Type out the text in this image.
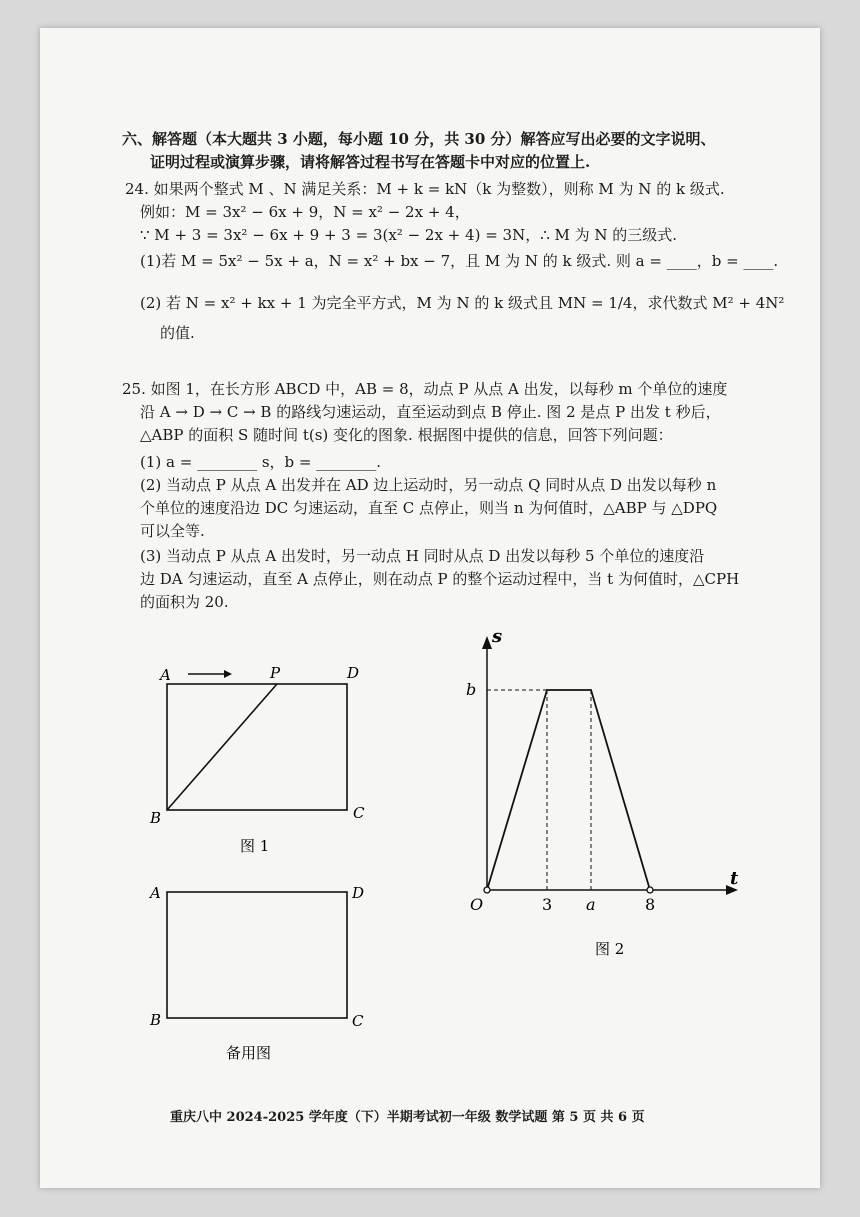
六、解答题（本大题共 3 小题，每小题 10 分，共 30 分）解答应写出必要的文字说明、
证明过程或演算步骤，请将解答过程书写在答题卡中对应的位置上.
24. 如果两个整式 M 、N 满足关系：M + k = kN（k 为整数），则称 M 为 N 的 k 级式.
例如：M = 3x² − 6x + 9，N = x² − 2x + 4，
∵ M + 3 = 3x² − 6x + 9 + 3 = 3(x² − 2x + 4) = 3N，∴ M 为 N 的三级式.
(1)若 M = 5x² − 5x + a，N = x² + bx − 7，且 M 为 N 的 k 级式. 则 a = ____，b = ____.
(2) 若 N = x² + kx + 1 为完全平方式，M 为 N 的 k 级式且 MN = 1/4，求代数式 M² + 4N²
的值.
25. 如图 1，在长方形 ABCD 中，AB = 8，动点 P 从点 A 出发，以每秒 m 个单位的速度
沿 A → D → C → B 的路线匀速运动，直至运动到点 B 停止. 图 2 是点 P 出发 t 秒后，
△ABP 的面积 S 随时间 t(s) 变化的图象. 根据图中提供的信息，回答下列问题：
(1) a = ________ s，b = ________.
(2) 当动点 P 从点 A 出发并在 AD 边上运动时，另一动点 Q 同时从点 D 出发以每秒 n
个单位的速度沿边 DC 匀速运动，直至 C 点停止，则当 n 为何值时，△ABP 与 △DPQ
可以全等.
(3) 当动点 P 从点 A 出发时，另一动点 H 同时从点 D 出发以每秒 5 个单位的速度沿
边 DA 匀速运动，直至 A 点停止，则在动点 P 的整个运动过程中，当 t 为何值时，△CPH
的面积为 20.
A	P	D
B	C
图 1
A	D
B	C
备用图
s
t
b
O	3 a	8
图 2
重庆八中 2024-2025 学年度（下）半期考试初一年级 数学试题 第 5 页 共 6 页
